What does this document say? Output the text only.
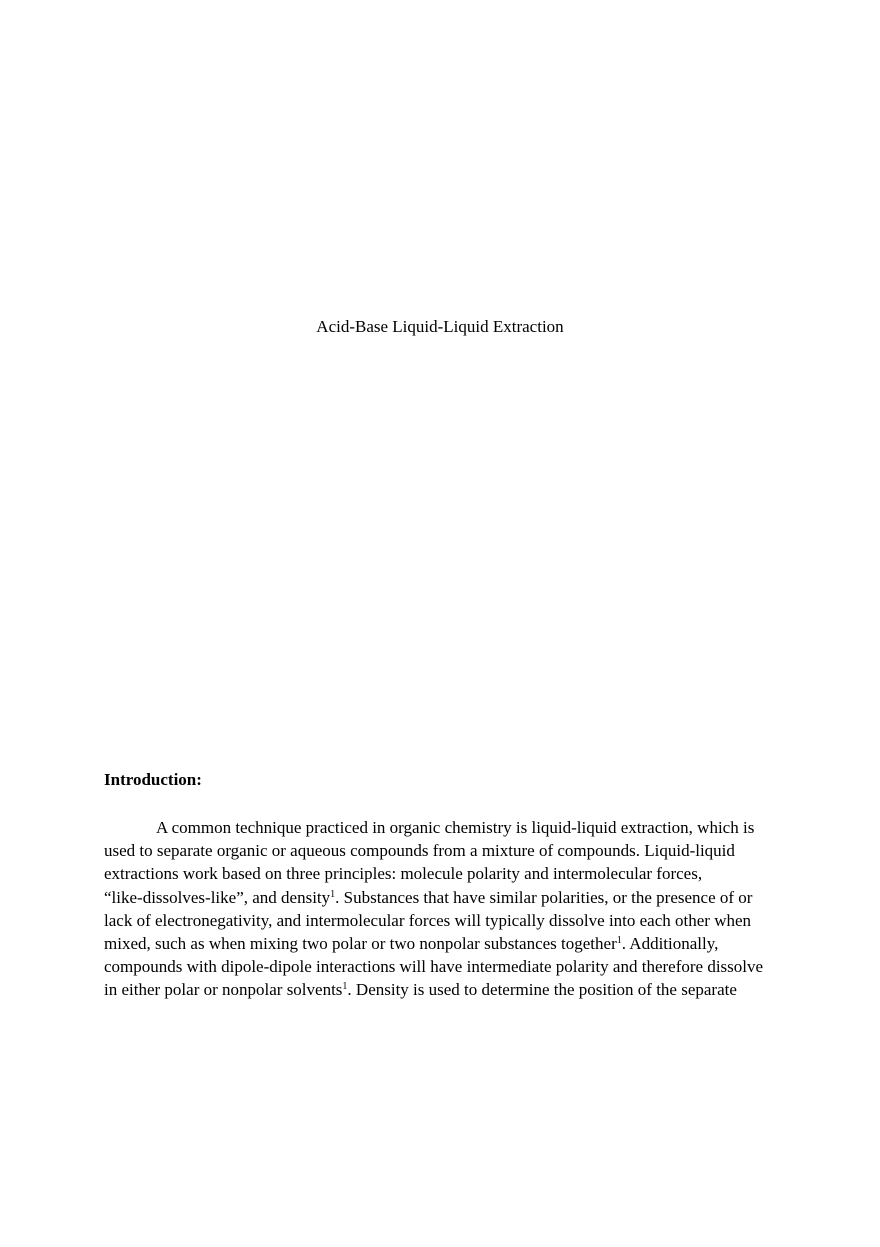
Acid-Base Liquid-Liquid Extraction
Introduction:
A common technique practiced in organic chemistry is liquid-liquid extraction, which is
used to separate organic or aqueous compounds from a mixture of compounds. Liquid-liquid
extractions work based on three principles: molecule polarity and intermolecular forces,
“like-dissolves-like”, and density$^1$. Substances that have similar polarities, or the presence of or
lack of electronegativity, and intermolecular forces will typically dissolve into each other when
mixed, such as when mixing two polar or two nonpolar substances together$^1$. Additionally,
compounds with dipole-dipole interactions will have intermediate polarity and therefore dissolve
in either polar or nonpolar solvents$^1$. Density is used to determine the position of the separate
